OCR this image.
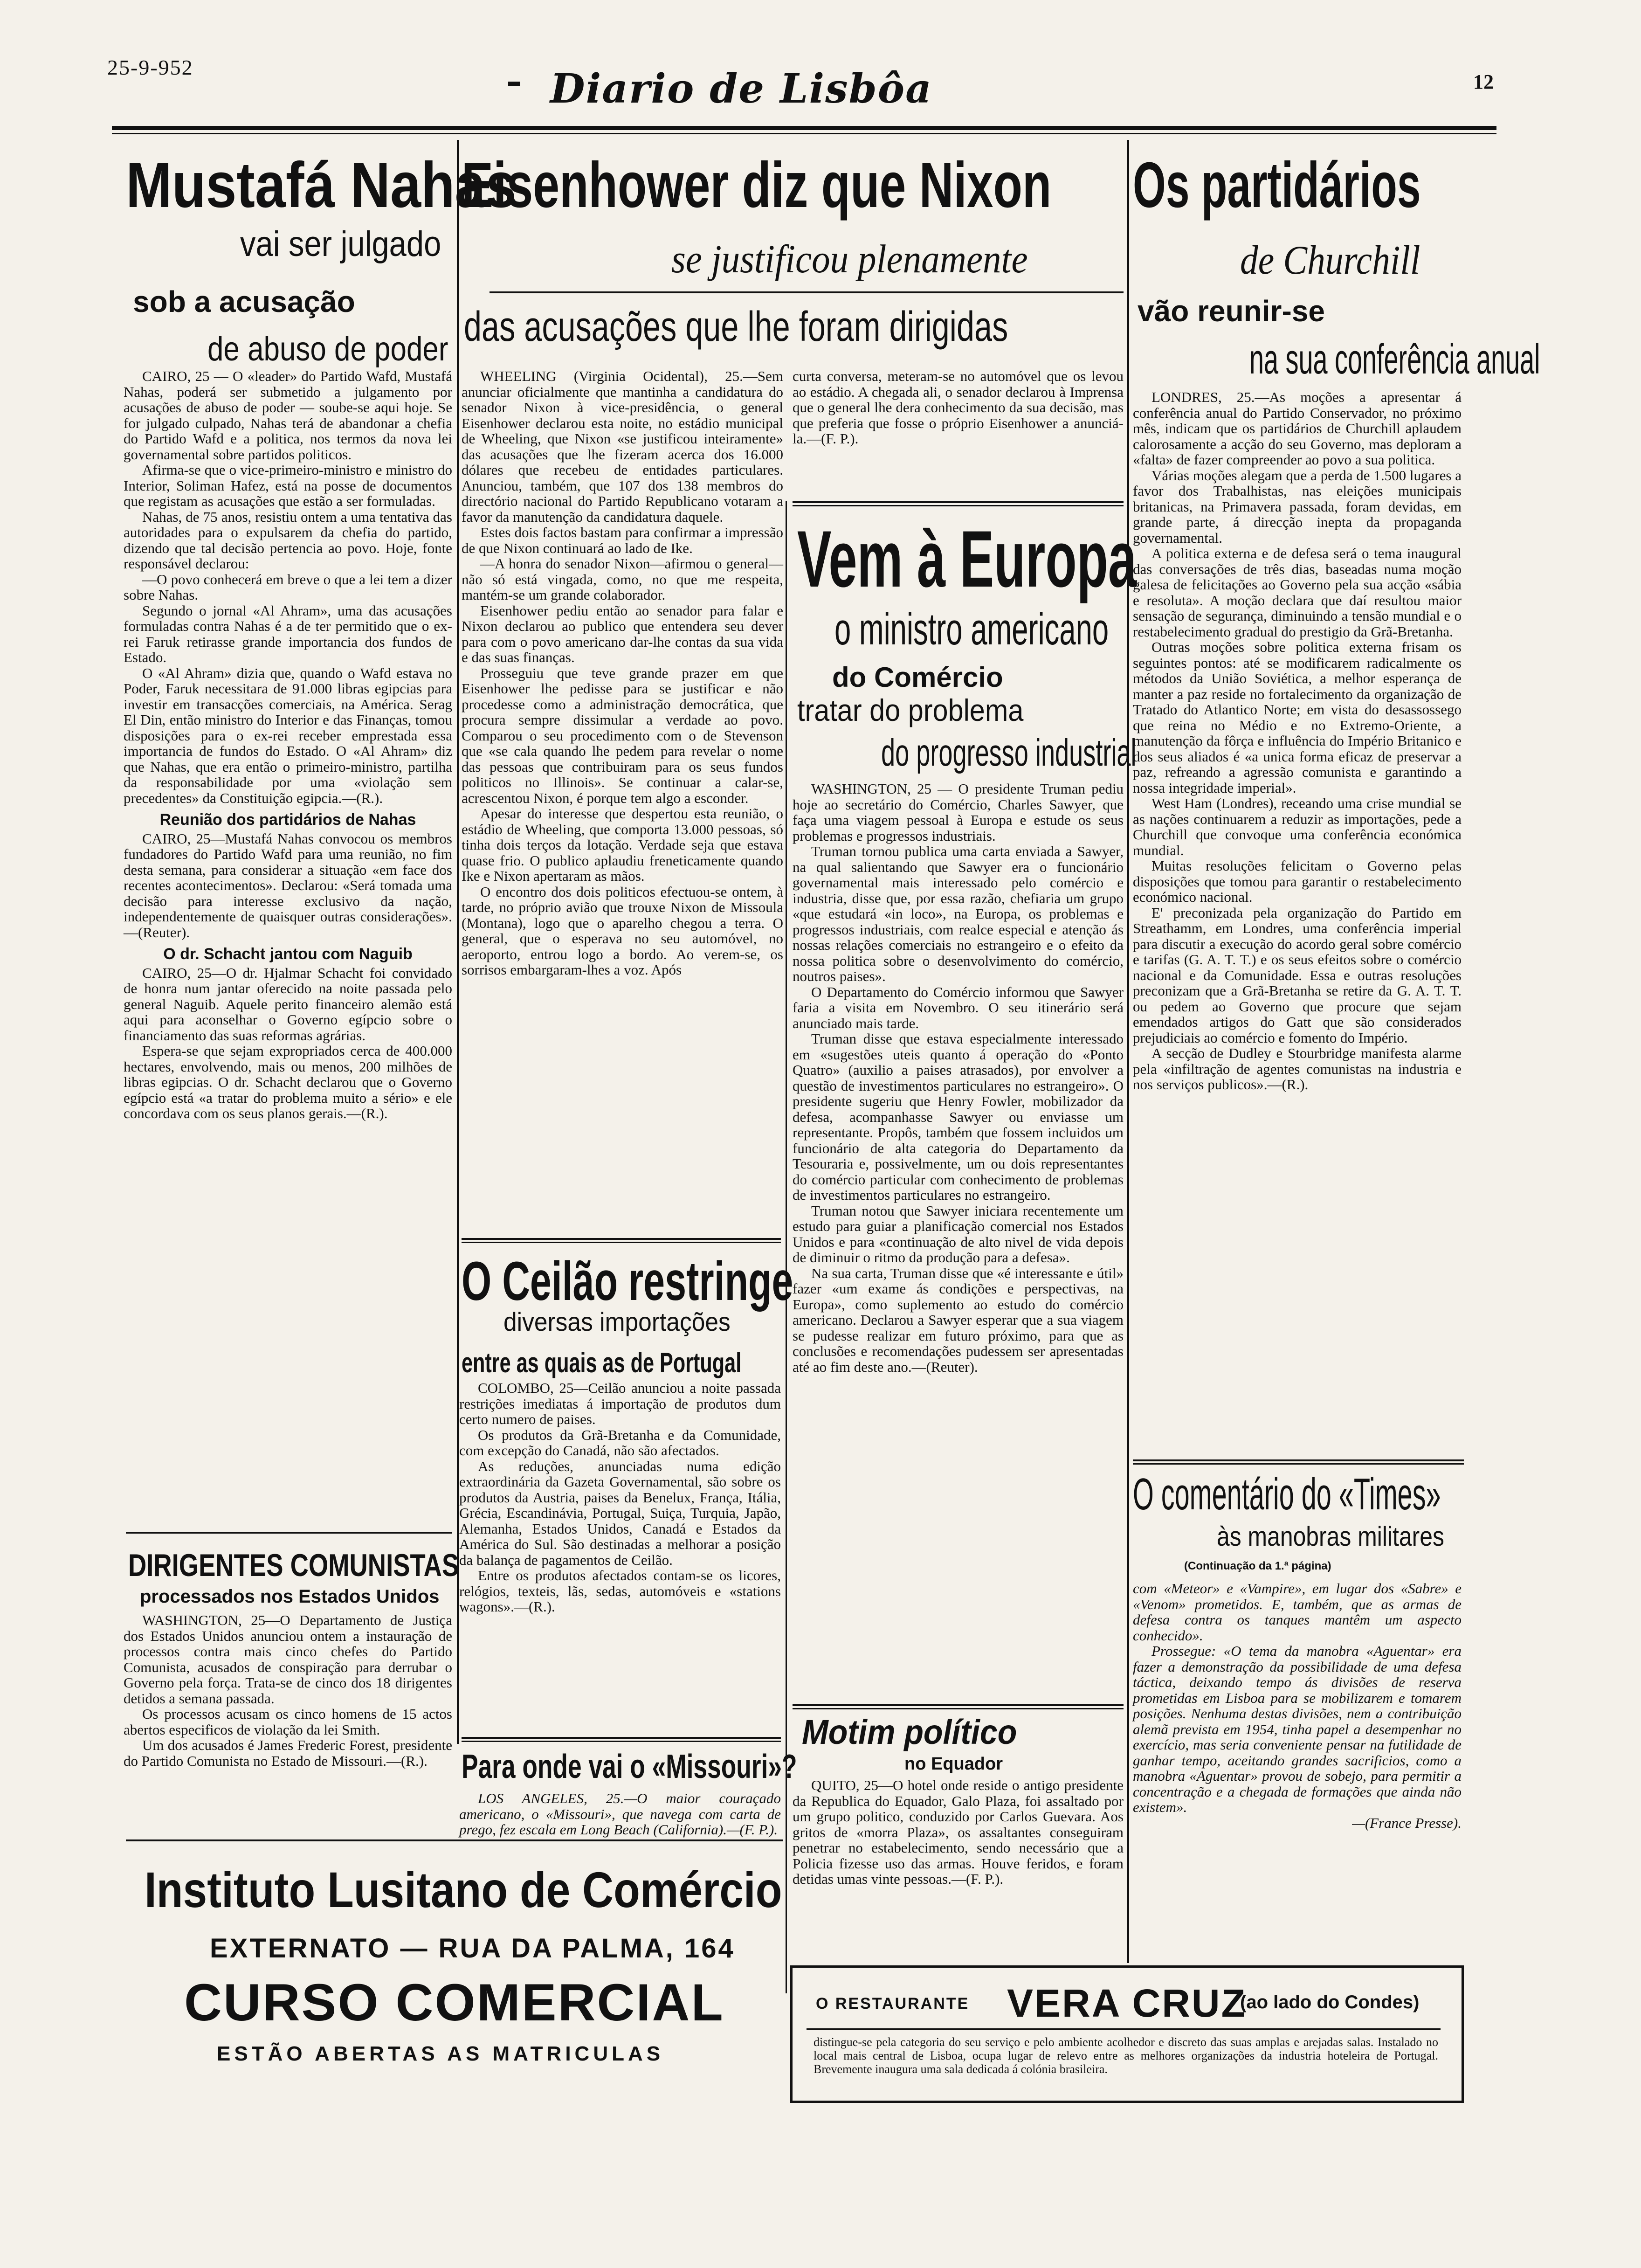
25-9-952	Diario de Lisbôa	12
Mustafá Nahas
vai ser julgado
sob a acusação
de abuso de poder

CAIRO, 25 — O «leader» do Partido Wafd, Mustafá Nahas, poderá ser submetido a julgamento por acusações de abuso de poder — soube-se aqui hoje. Se for julgado culpado, Nahas terá de abandonar a chefia do Partido Wafd e a politica, nos termos da nova lei governamental sobre partidos politicos.

Afirma-se que o vice-primeiro-ministro e ministro do Interior, Soliman Hafez, está na posse de documentos que registam as acusações que estão a ser formuladas.

Nahas, de 75 anos, resistiu ontem a uma tentativa das autoridades para o expulsarem da chefia do partido, dizendo que tal decisão pertencia ao povo. Hoje, fonte responsável declarou:

—O povo conhecerá em breve o que a lei tem a dizer sobre Nahas.

Segundo o jornal «Al Ahram», uma das acusações formuladas contra Nahas é a de ter permitido que o ex-rei Faruk retirasse grande importancia dos fundos de Estado.

O «Al Ahram» dizia que, quando o Wafd estava no Poder, Faruk necessitara de 91.000 libras egipcias para investir em transacções comerciais, na América. Serag El Din, então ministro do Interior e das Finanças, tomou disposições para o ex-rei receber emprestada essa importancia de fundos do Estado. O «Al Ahram» diz que Nahas, que era então o primeiro-ministro, partilha da responsabilidade por uma «violação sem precedentes» da Constituição egipcia.—(R.).

Reunião dos partidários de Nahas

CAIRO, 25—Mustafá Nahas convocou os membros fundadores do Partido Wafd para uma reunião, no fim desta semana, para considerar a situação «em face dos recentes acontecimentos». Declarou: «Será tomada uma decisão para interesse exclusivo da nação, independentemente de quaisquer outras considerações». —(Reuter).

O dr. Schacht jantou com Naguib

CAIRO, 25—O dr. Hjalmar Schacht foi convidado de honra num jantar oferecido na noite passada pelo general Naguib. Aquele perito financeiro alemão está aqui para aconselhar o Governo egípcio sobre o financiamento das suas reformas agrárias.

Espera-se que sejam expropriados cerca de 400.000 hectares, envolvendo, mais ou menos, 200 milhões de libras egipcias. O dr. Schacht declarou que o Governo egípcio está «a tratar do problema muito a sério» e ele concordava com os seus planos gerais.—(R.).

DIRIGENTES COMUNISTAS
processados nos Estados Unidos

WASHINGTON, 25—O Departamento de Justiça dos Estados Unidos anunciou ontem a instauração de processos contra mais cinco chefes do Partido Comunista, acusados de conspiração para derrubar o Governo pela força. Trata-se de cinco dos 18 dirigentes detidos a semana passada.

Os processos acusam os cinco homens de 15 actos abertos especificos de violação da lei Smith.

Um dos acusados é James Frederic Forest, presidente do Partido Comunista no Estado de Missouri.—(R.).

Eisenhower diz que Nixon
se justificou plenamente
das acusações que lhe foram dirigidas

WHEELING (Virginia Ocidental), 25.—Sem anunciar oficialmente que mantinha a candidatura do senador Nixon à vice-presidência, o general Eisenhower declarou esta noite, no estádio municipal de Wheeling, que Nixon «se justificou inteiramente» das acusações que lhe fizeram acerca dos 16.000 dólares que recebeu de entidades particulares. Anunciou, também, que 107 dos 138 membros do directório nacional do Partido Republicano votaram a favor da manutenção da candidatura daquele.

Estes dois factos bastam para confirmar a impressão de que Nixon continuará ao lado de Ike.

—A honra do senador Nixon—afirmou o general—não só está vingada, como, no que me respeita, mantém-se um grande colaborador.

Eisenhower pediu então ao senador para falar e Nixon declarou ao publico que entendera seu dever para com o povo americano dar-lhe contas da sua vida e das suas finanças.

Prosseguiu que teve grande prazer em que Eisenhower lhe pedisse para se justificar e não procedesse como a administração democrática, que procura sempre dissimular a verdade ao povo. Comparou o seu procedimento com o de Stevenson que «se cala quando lhe pedem para revelar o nome das pessoas que contribuiram para os seus fundos politicos no Illinois». Se continuar a calar-se, acrescentou Nixon, é porque tem algo a esconder.

Apesar do interesse que despertou esta reunião, o estádio de Wheeling, que comporta 13.000 pessoas, só tinha dois terços da lotação. Verdade seja que estava quase frio. O publico aplaudiu freneticamente quando Ike e Nixon apertaram as mãos.

O encontro dos dois politicos efectuou-se ontem, à tarde, no próprio avião que trouxe Nixon de Missoula (Montana), logo que o aparelho chegou a terra. O general, que o esperava no seu automóvel, no aeroporto, entrou logo a bordo. Ao verem-se, os sorrisos embargaram-lhes a voz. Após

curta conversa, meteram-se no automóvel que os levou ao estádio. A chegada ali, o senador declarou à Imprensa que o general lhe dera conhecimento da sua decisão, mas que preferia que fosse o próprio Eisenhower a anunciá-la.—(F. P.).

Vem à Europa
o ministro americano
do Comércio
tratar do problema
do progresso industrial

WASHINGTON, 25 — O presidente Truman pediu hoje ao secretário do Comércio, Charles Sawyer, que faça uma viagem pessoal à Europa e estude os seus problemas e progressos industriais.

Truman tornou publica uma carta enviada a Sawyer, na qual salientando que Sawyer era o funcionário governamental mais interessado pelo comércio e industria, disse que, por essa razão, chefiaria um grupo «que estudará «in loco», na Europa, os problemas e progressos industriais, com realce especial e atenção ás nossas relações comerciais no estrangeiro e o efeito da nossa politica sobre o desenvolvimento do comércio, noutros paises».

O Departamento do Comércio informou que Sawyer faria a visita em Novembro. O seu itinerário será anunciado mais tarde.

Truman disse que estava especialmente interessado em «sugestões uteis quanto á operação do «Ponto Quatro» (auxilio a paises atrasados), por envolver a questão de investimentos particulares no estrangeiro». O presidente sugeriu que Henry Fowler, mobilizador da defesa, acompanhasse Sawyer ou enviasse um representante. Propôs, também que fossem incluidos um funcionário de alta categoria do Departamento da Tesouraria e, possivelmente, um ou dois representantes do comércio particular com conhecimento de problemas de investimentos particulares no estrangeiro.

Truman notou que Sawyer iniciara recentemente um estudo para guiar a planificação comercial nos Estados Unidos e para «continuação de alto nivel de vida depois de diminuir o ritmo da produção para a defesa».

Na sua carta, Truman disse que «é interessante e útil» fazer «um exame ás condições e perspectivas, na Europa», como suplemento ao estudo do comércio americano. Declarou a Sawyer esperar que a sua viagem se pudesse realizar em futuro próximo, para que as conclusões e recomendações pudessem ser apresentadas até ao fim deste ano.—(Reuter).

Motim político
no Equador

QUITO, 25—O hotel onde reside o antigo presidente da Republica do Equador, Galo Plaza, foi assaltado por um grupo politico, conduzido por Carlos Guevara. Aos gritos de «morra Plaza», os assaltantes conseguiram penetrar no estabelecimento, sendo necessário que a Policia fizesse uso das armas. Houve feridos, e foram detidas umas vinte pessoas.—(F. P.).

O Ceilão restringe
diversas importações
entre as quais as de Portugal

COLOMBO, 25—Ceilão anunciou a noite passada restrições imediatas á importação de produtos dum certo numero de paises.

Os produtos da Grã-Bretanha e da Comunidade, com excepção do Canadá, não são afectados.

As reduções, anunciadas numa edição extraordinária da Gazeta Governamental, são sobre os produtos da Austria, paises da Benelux, França, Itália, Grécia, Escandinávia, Portugal, Suiça, Turquia, Japão, Alemanha, Estados Unidos, Canadá e Estados da América do Sul. São destinadas a melhorar a posição da balança de pagamentos de Ceilão.

Entre os produtos afectados contam-se os licores, relógios, texteis, lãs, sedas, automóveis e «stations wagons».—(R.).

Para onde vai o «Missouri»?

LOS ANGELES, 25.—O maior couraçado americano, o «Missouri», que navega com carta de prego, fez escala em Long Beach (California).—(F. P.).

Os partidários
de Churchill
vão reunir-se
na sua conferência anual

LONDRES, 25.—As moções a apresentar á conferência anual do Partido Conservador, no próximo mês, indicam que os partidários de Churchill aplaudem calorosamente a acção do seu Governo, mas deploram a «falta» de fazer compreender ao povo a sua politica.

Várias moções alegam que a perda de 1.500 lugares a favor dos Trabalhistas, nas eleições municipais britanicas, na Primavera passada, foram devidas, em grande parte, á direcção inepta da propaganda governamental.

A politica externa e de defesa será o tema inaugural das conversações de três dias, baseadas numa moção galesa de felicitações ao Governo pela sua acção «sábia e resoluta». A moção declara que daí resultou maior sensação de segurança, diminuindo a tensão mundial e o restabelecimento gradual do prestigio da Grã-Bretanha.

Outras moções sobre politica externa frisam os seguintes pontos: até se modificarem radicalmente os métodos da União Soviética, a melhor esperança de manter a paz reside no fortalecimento da organização de Tratado do Atlantico Norte; em vista do desassossego que reina no Médio e no Extremo-Oriente, a manutenção da fôrça e influência do Império Britanico e dos seus aliados é «a unica forma eficaz de preservar a paz, refreando a agressão comunista e garantindo a nossa integridade imperial».

West Ham (Londres), receando uma crise mundial se as nações continuarem a reduzir as importações, pede a Churchill que convoque uma conferência económica mundial.

Muitas resoluções felicitam o Governo pelas disposições que tomou para garantir o restabelecimento económico nacional.

E' preconizada pela organização do Partido em Streathamm, em Londres, uma conferência imperial para discutir a execução do acordo geral sobre comércio e tarifas (G. A. T. T.) e os seus efeitos sobre o comércio nacional e da Comunidade. Essa e outras resoluções preconizam que a Grã-Bretanha se retire da G. A. T. T. ou pedem ao Governo que procure que sejam emendados artigos do Gatt que são considerados prejudiciais ao comércio e fomento do Império.

A secção de Dudley e Stourbridge manifesta alarme pela «infiltração de agentes comunistas na industria e nos serviços publicos».—(R.).

O comentário do «Times»
às manobras militares
(Continuação da 1.ª página)

com «Meteor» e «Vampire», em lugar dos «Sabre» e «Venom» prometidos. E, também, que as armas de defesa contra os tanques mantêm um aspecto conhecido».

Prossegue: «O tema da manobra «Aguentar» era fazer a demonstração da possibilidade de uma defesa táctica, deixando tempo ás divisões de reserva prometidas em Lisboa para se mobilizarem e tomarem posições. Nenhuma destas divisões, nem a contribuição alemã prevista em 1954, tinha papel a desempenhar no exercício, mas seria conveniente pensar na futilidade de ganhar tempo, aceitando grandes sacrificios, como a manobra «Aguentar» provou de sobejo, para permitir a concentração e a chegada de formações que ainda não existem».

—(France Presse).

Instituto Lusitano de Comércio
EXTERNATO — RUA DA PALMA, 164
CURSO COMERCIAL
ESTÃO ABERTAS AS MATRICULAS
O RESTAURANTE VERA CRUZ
(ao lado do Condes)
distingue-se pela categoria do seu serviço e pelo ambiente acolhedor e discreto das suas amplas e arejadas salas. Instalado no local mais central de Lisboa, ocupa lugar de relevo entre as melhores organizações da industria hoteleira de Portugal. Brevemente inaugura uma sala dedicada á colónia brasileira.
